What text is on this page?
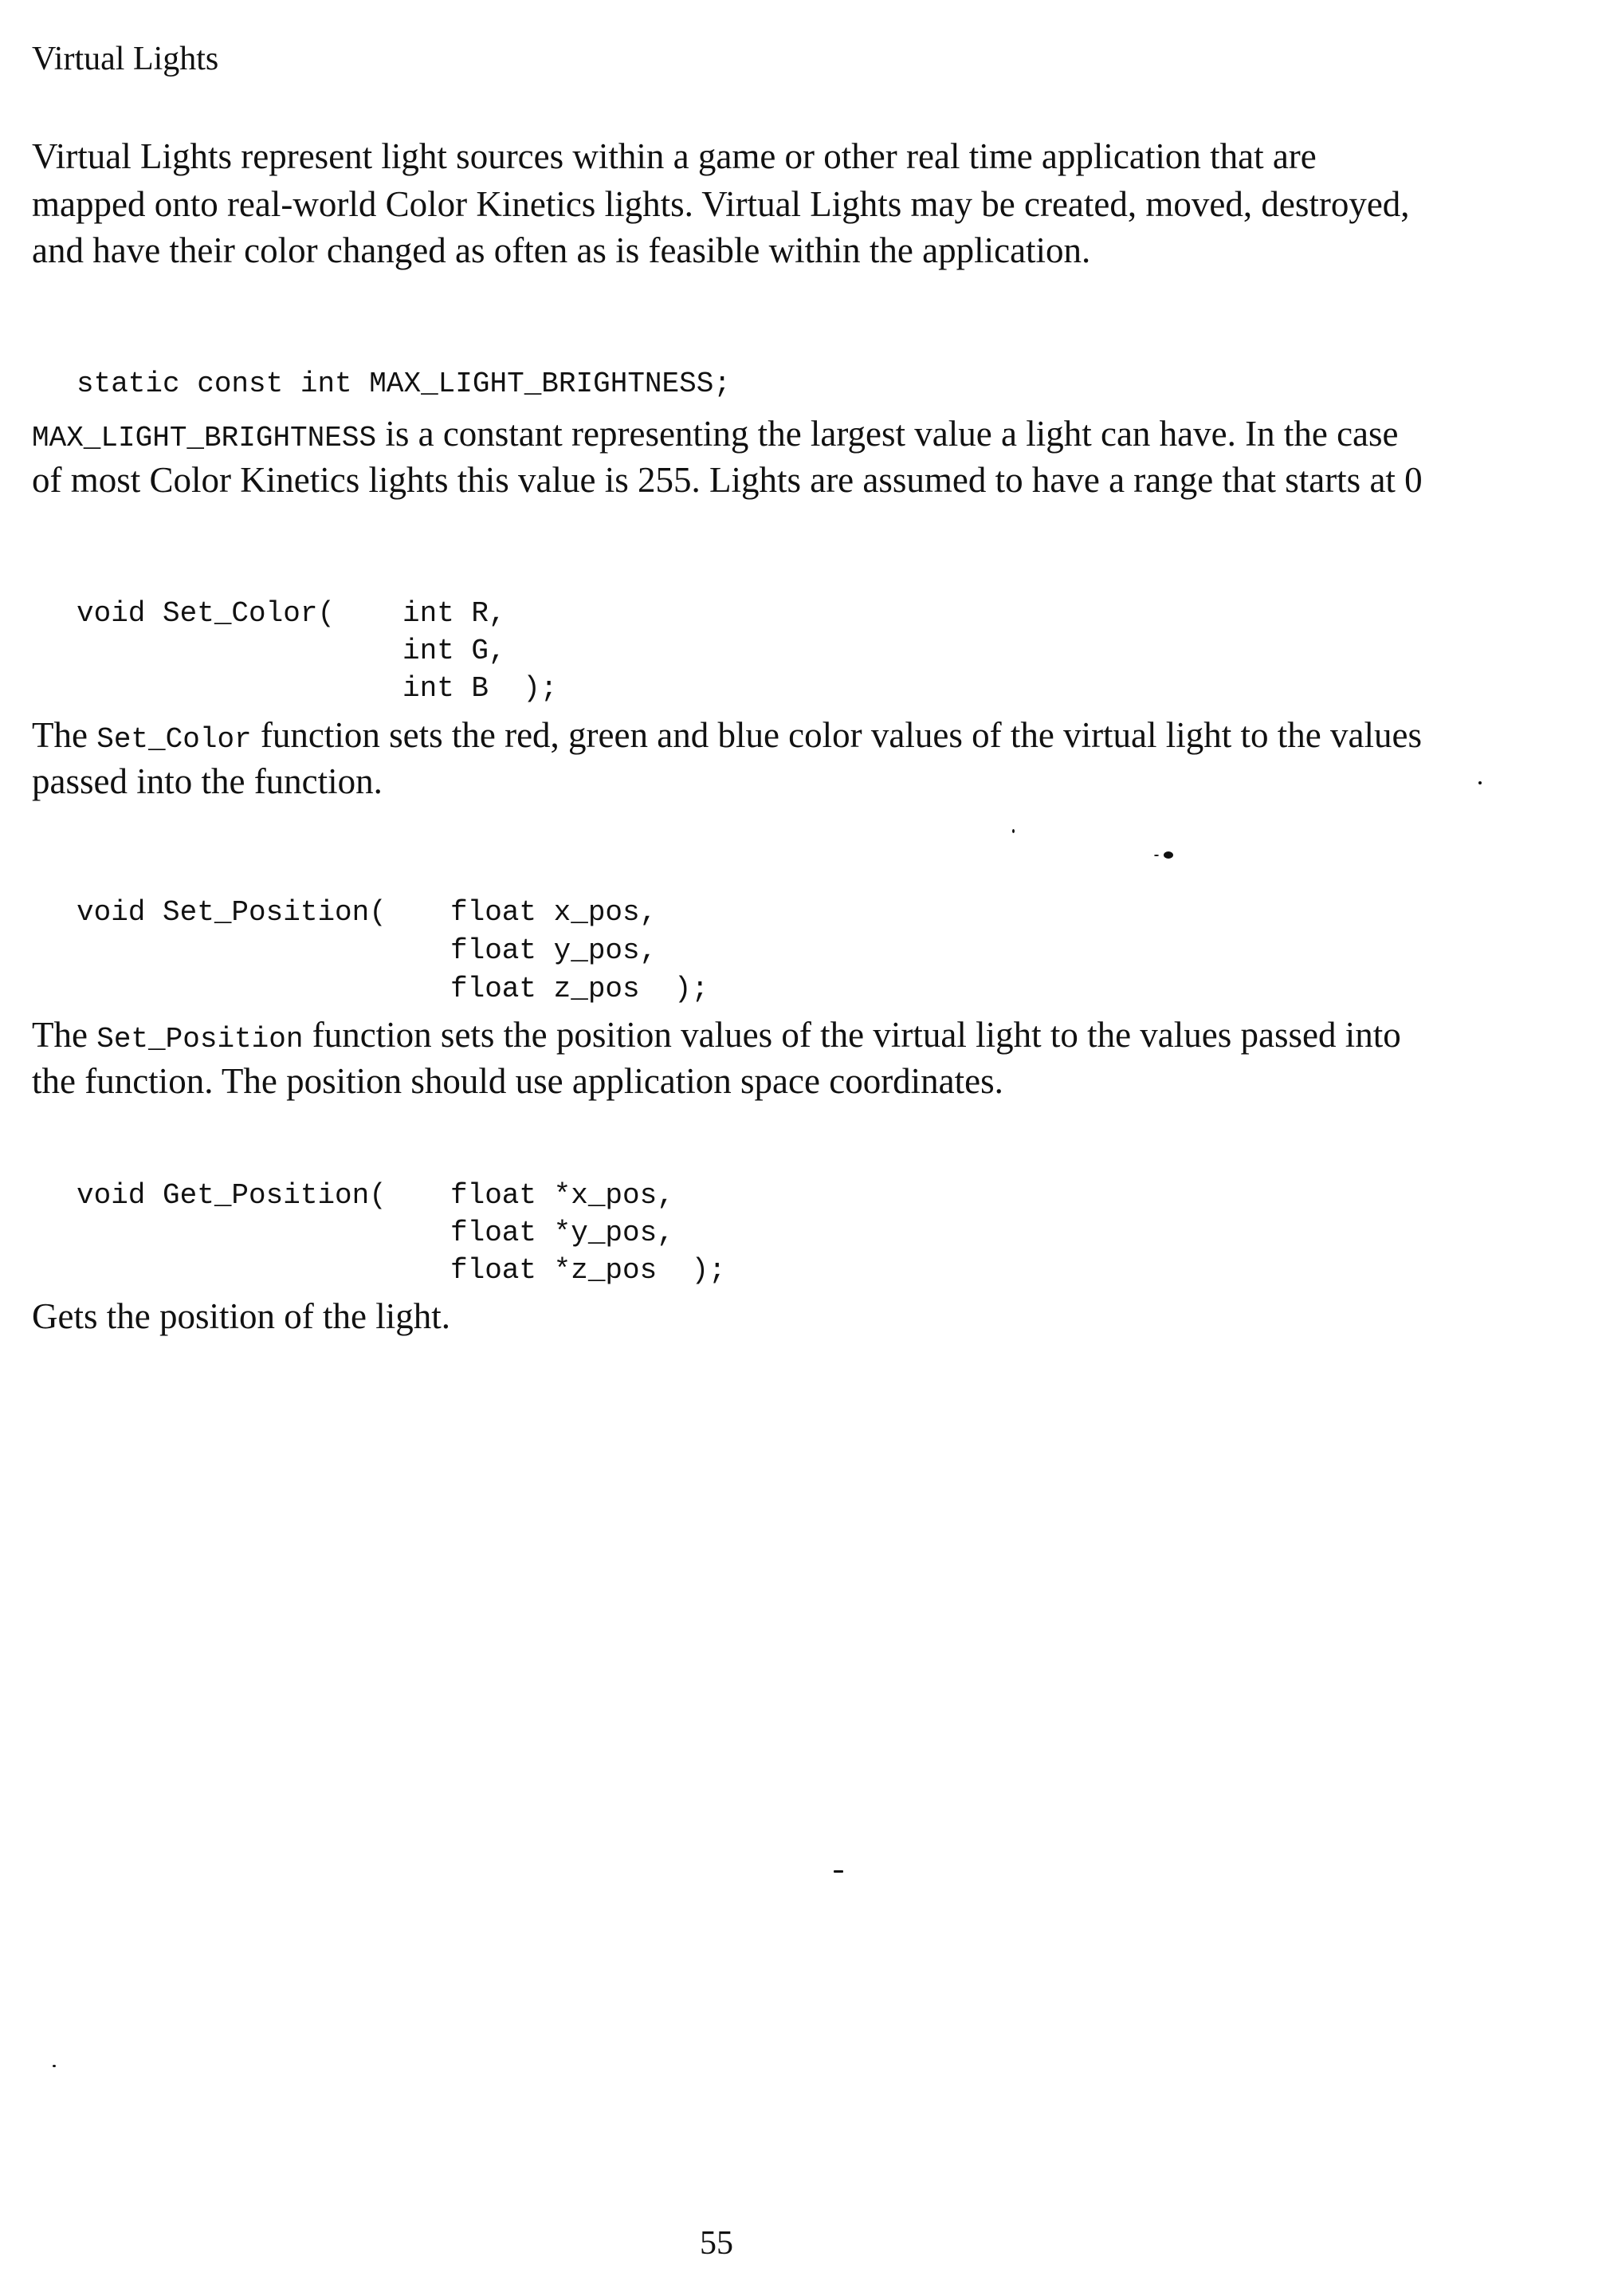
Virtual Lights
Virtual Lights represent light sources within a game or other real time application that are
mapped onto real-world Color Kinetics lights. Virtual Lights may be created, moved, destroyed,
and have their color changed as often as is feasible within the application.
static const int MAX_LIGHT_BRIGHTNESS;
MAX_LIGHT_BRIGHTNESS is a constant representing the largest value a light can have. In the case
of most Color Kinetics lights this value is 255. Lights are assumed to have a range that starts at 0
void Set_Color( int R,
int G,
int B  );
The Set_Color function sets the red, green and blue color values of the virtual light to the values
passed into the function.
void Set_Position( float x_pos,
float y_pos,
float z_pos  );
The Set_Position function sets the position values of the virtual light to the values passed into
the function. The position should use application space coordinates.
void Get_Position( float *x_pos,
float *y_pos,
float *z_pos  );
Gets the position of the light.
55
